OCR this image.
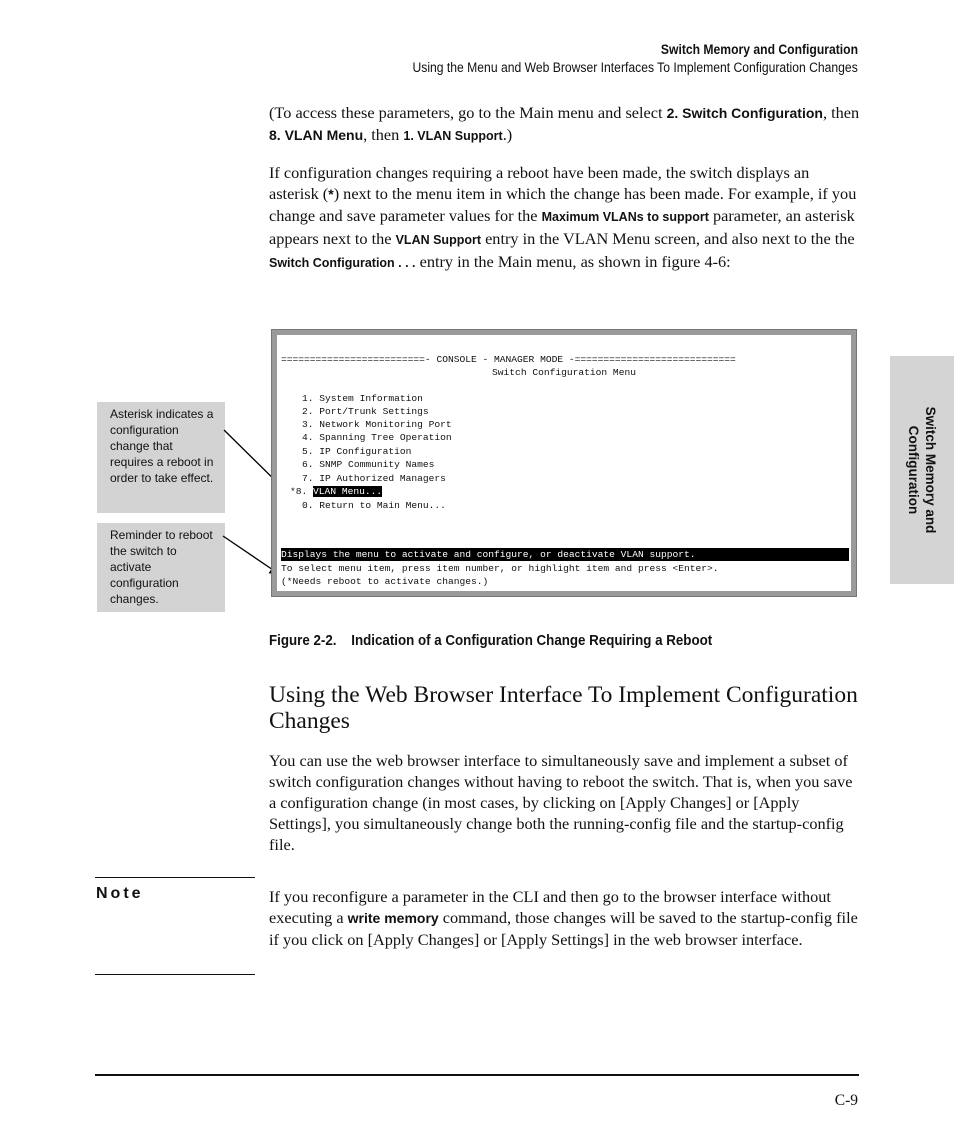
Switch Memory and Configuration
Using the Menu and Web Browser Interfaces To Implement Configuration Changes

(To access these parameters, go to the Main menu and select 2. Switch Configuration, then 8. VLAN Menu, then 1. VLAN Support.)

If configuration changes requiring a reboot have been made, the switch displays an asterisk (*) next to the menu item in which the change has been made. For example, if you change and save parameter values for the Maximum VLANs to support parameter, an asterisk appears next to the VLAN Support entry in the VLAN Menu screen, and also next to the the Switch Configuration . . . entry in the Main menu, as shown in figure 4-6:

Switch Memory and
Configuration
Asterisk indicates a configuration change that requires a reboot in order to take effect.
Reminder to reboot the switch to activate configuration changes.
=========================- CONSOLE - MANAGER MODE -============================
Switch Configuration Menu
1. System Information
2. Port/Trunk Settings
3. Network Monitoring Port
4. Spanning Tree Operation
5. IP Configuration
6. SNMP Community Names
7. IP Authorized Managers
*8. VLAN Menu...
0. Return to Main Menu...
Displays the menu to activate and configure, or deactivate VLAN support.
To select menu item, press item number, or highlight item and press <Enter>.
(*Needs reboot to activate changes.)
Figure 2-2.    Indication of a Configuration Change Requiring a Reboot
Using the Web Browser Interface To Implement Configuration Changes

You can use the web browser interface to simultaneously save and implement a subset of switch configuration changes without having to reboot the switch. That is, when you save a configuration change (in most cases, by clicking on [Apply Changes] or [Apply Settings], you simultaneously change both the running-config file and the startup-config file.

Note	If you reconfigure a parameter in the CLI and then go to the browser interface without executing a write memory command, those changes will be saved to the startup-config file if you click on [Apply Changes] or [Apply Settings] in the web browser interface.

C-9
